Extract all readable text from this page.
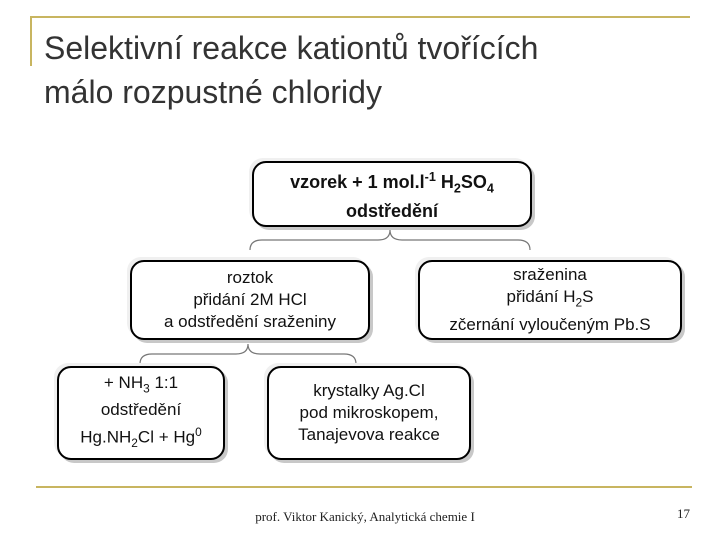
Selektivní reakce kationtů tvořících
málo rozpustné chloridy
vzorek + 1 $mol.l^{-1}$ $H_2SO_4$
odstředění
roztok
přidání 2M HCl
a odstředění sraženiny
sraženina
přidání $H_2S$
zčernání vyloučeným Pb.S
+ $NH_3$ 1:1
odstředění
$Hg.NH_2Cl + Hg^0$
krystalky Ag.Cl
pod mikroskopem,
Tanajevova reakce
prof. Viktor Kanický, Analytická chemie I	17
